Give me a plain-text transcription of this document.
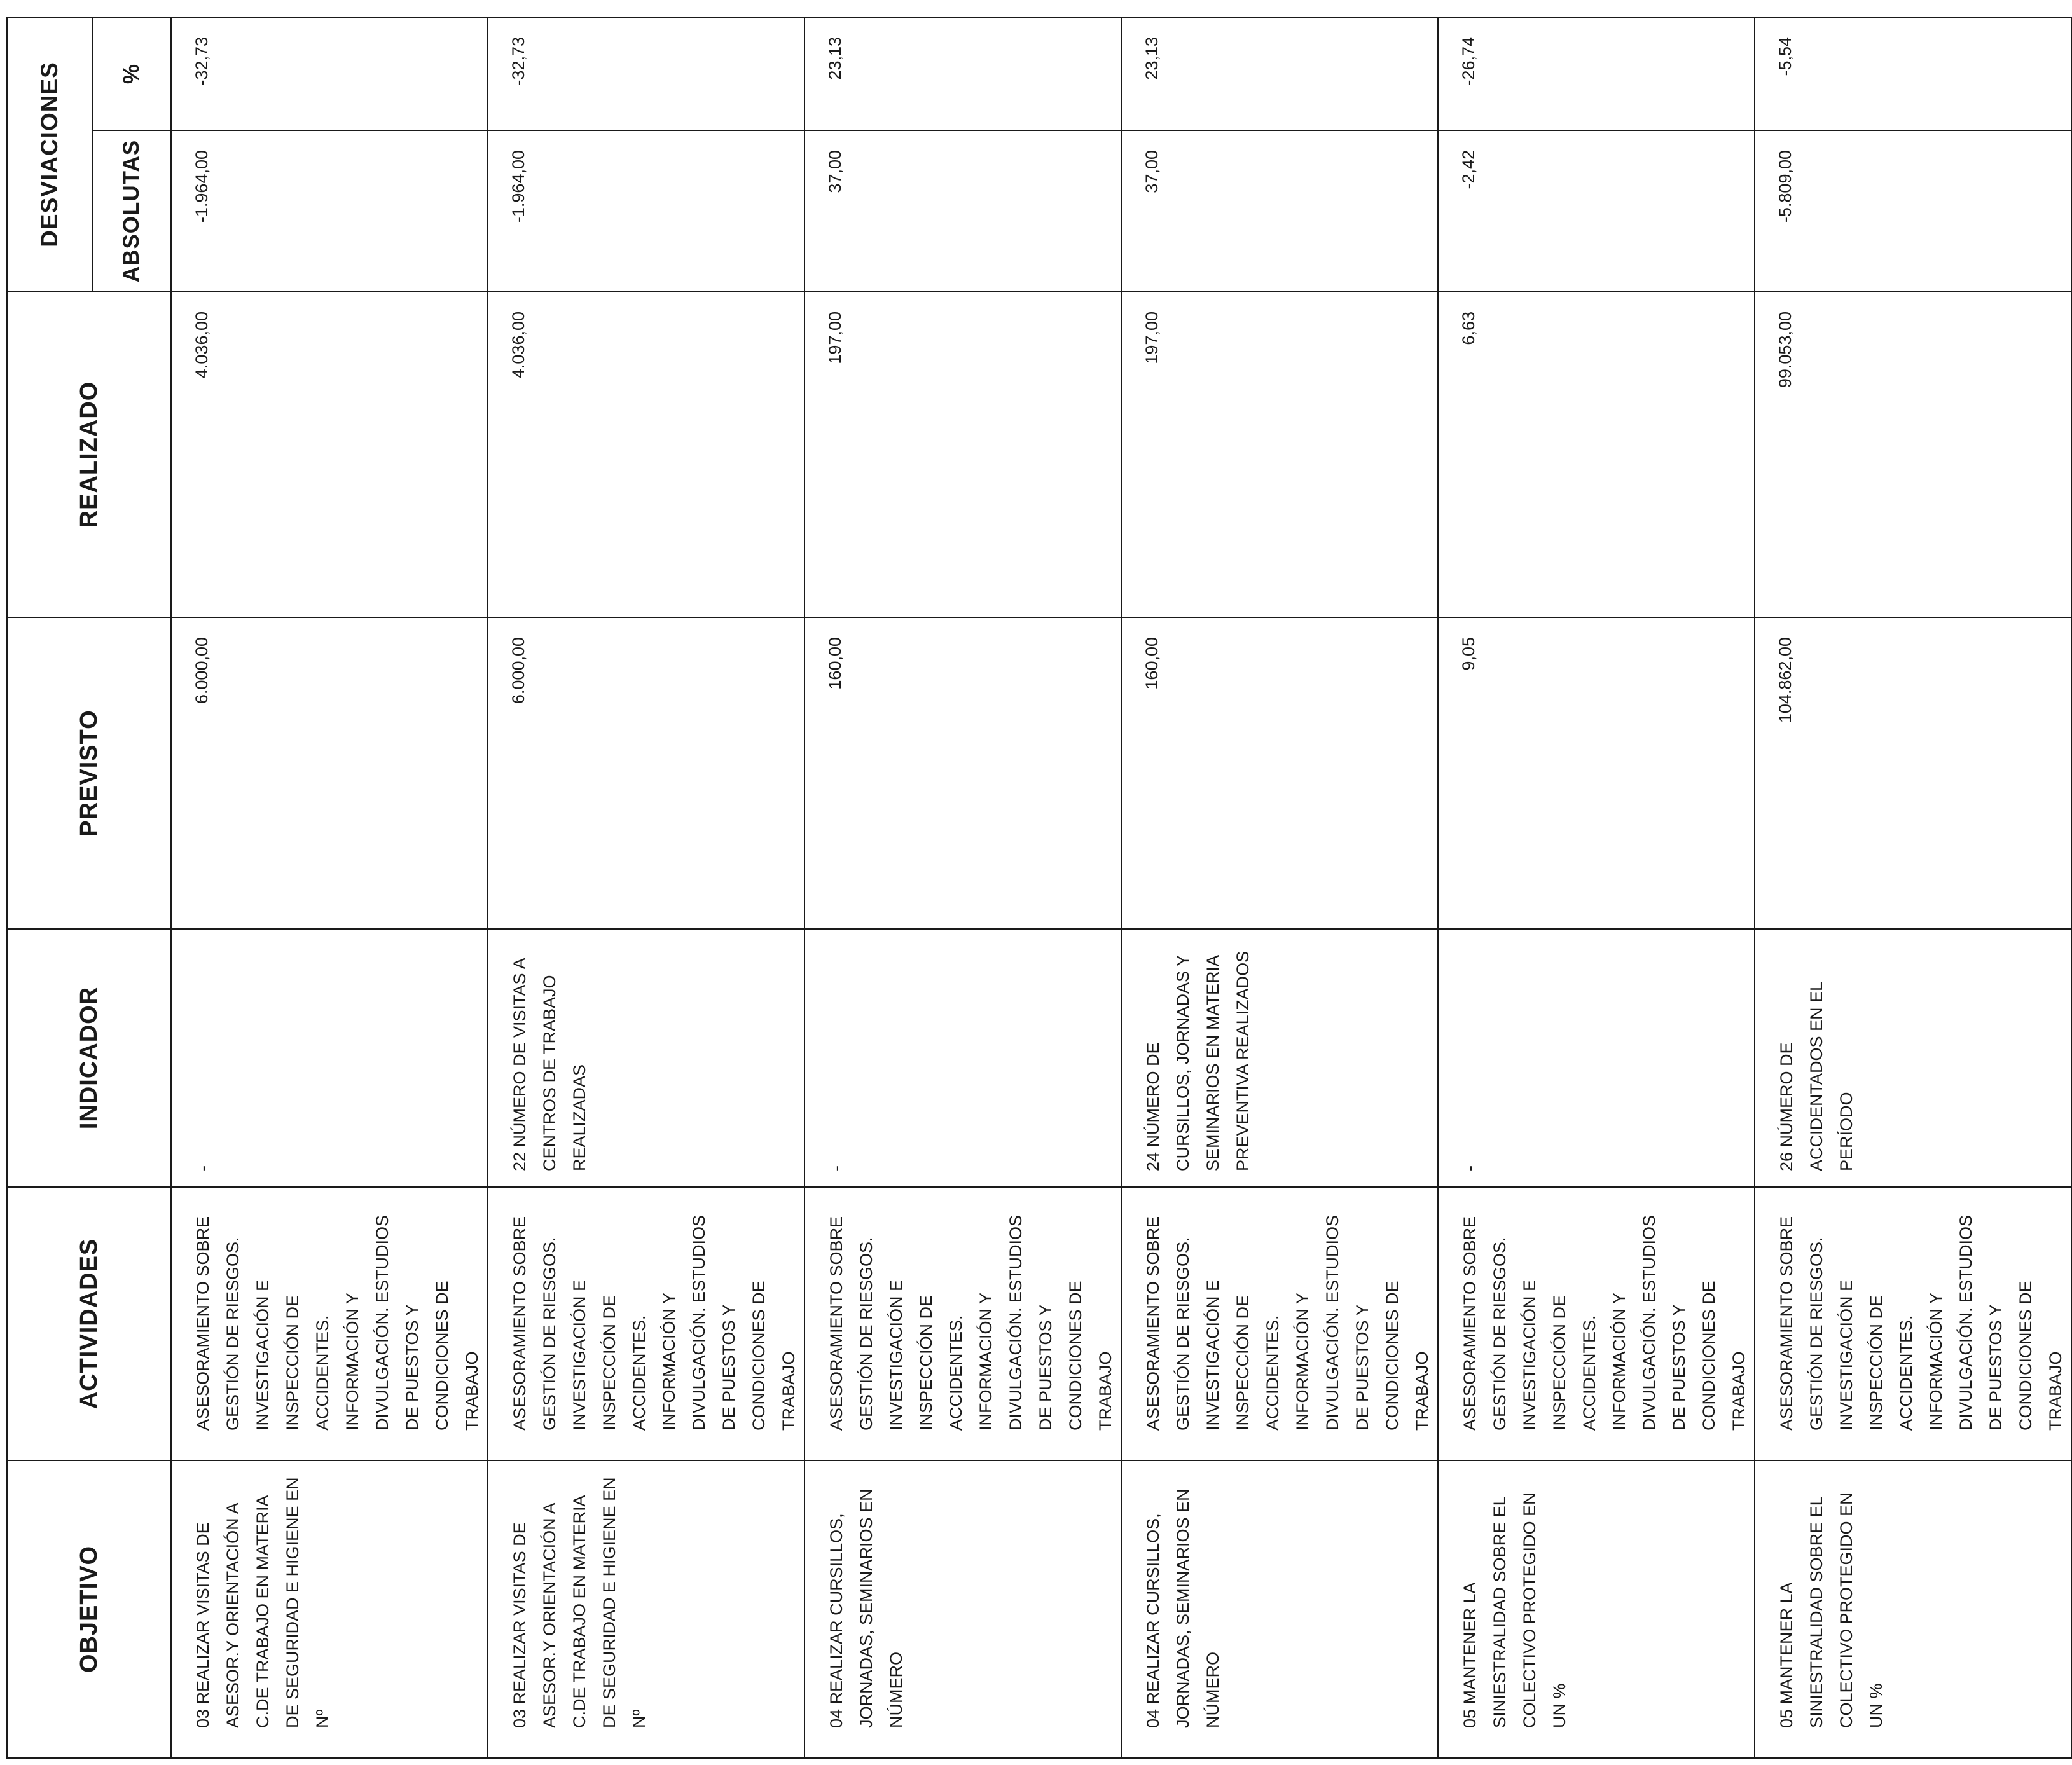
OBJETIVO	ACTIVIDADES	INDICADOR	PREVISTO	REALIZADO	DESVIACIONES	
					ABSOLUTAS	%
03 REALIZAR VISITAS DE ASESOR.Y ORIENTACIÓN A C.DE TRABAJO EN MATERIA DE SEGURIDAD E HIGIENE EN Nº	ASESORAMIENTO SOBRE GESTIÓN DE RIESGOS. INVESTIGACIÓN E INSPECCIÓN DE ACCIDENTES. INFORMACIÓN Y DIVULGACIÓN. ESTUDIOS DE PUESTOS Y CONDICIONES DE TRABAJO	-	6.000,00	4.036,00	-1.964,00	-32,73
03 REALIZAR VISITAS DE ASESOR.Y ORIENTACIÓN A C.DE TRABAJO EN MATERIA DE SEGURIDAD E HIGIENE EN Nº	ASESORAMIENTO SOBRE GESTIÓN DE RIESGOS. INVESTIGACIÓN E INSPECCIÓN DE ACCIDENTES. INFORMACIÓN Y DIVULGACIÓN. ESTUDIOS DE PUESTOS Y CONDICIONES DE TRABAJO	22 NÚMERO DE VISITAS A CENTROS DE TRABAJO REALIZADAS	6.000,00	4.036,00	-1.964,00	-32,73
04 REALIZAR CURSILLOS, JORNADAS, SEMINARIOS EN NÚMERO	ASESORAMIENTO SOBRE GESTIÓN DE RIESGOS. INVESTIGACIÓN E INSPECCIÓN DE ACCIDENTES. INFORMACIÓN Y DIVULGACIÓN. ESTUDIOS DE PUESTOS Y CONDICIONES DE TRABAJO	-	160,00	197,00	37,00	23,13
04 REALIZAR CURSILLOS, JORNADAS, SEMINARIOS EN NÚMERO	ASESORAMIENTO SOBRE GESTIÓN DE RIESGOS. INVESTIGACIÓN E INSPECCIÓN DE ACCIDENTES. INFORMACIÓN Y DIVULGACIÓN. ESTUDIOS DE PUESTOS Y CONDICIONES DE TRABAJO	24 NÚMERO DE CURSILLOS, JORNADAS Y SEMINARIOS EN MATERIA PREVENTIVA REALIZADOS	160,00	197,00	37,00	23,13
05 MANTENER LA SINIESTRALIDAD SOBRE EL COLECTIVO PROTEGIDO EN UN %	ASESORAMIENTO SOBRE GESTIÓN DE RIESGOS. INVESTIGACIÓN E INSPECCIÓN DE ACCIDENTES. INFORMACIÓN Y DIVULGACIÓN. ESTUDIOS DE PUESTOS Y CONDICIONES DE TRABAJO	-	9,05	6,63	-2,42	-26,74
05 MANTENER LA SINIESTRALIDAD SOBRE EL COLECTIVO PROTEGIDO EN UN %	ASESORAMIENTO SOBRE GESTIÓN DE RIESGOS. INVESTIGACIÓN E INSPECCIÓN DE ACCIDENTES. INFORMACIÓN Y DIVULGACIÓN. ESTUDIOS DE PUESTOS Y CONDICIONES DE TRABAJO	26 NÚMERO DE ACCIDENTADOS EN EL PERÍODO	104.862,00	99.053,00	-5.809,00	-5,54
